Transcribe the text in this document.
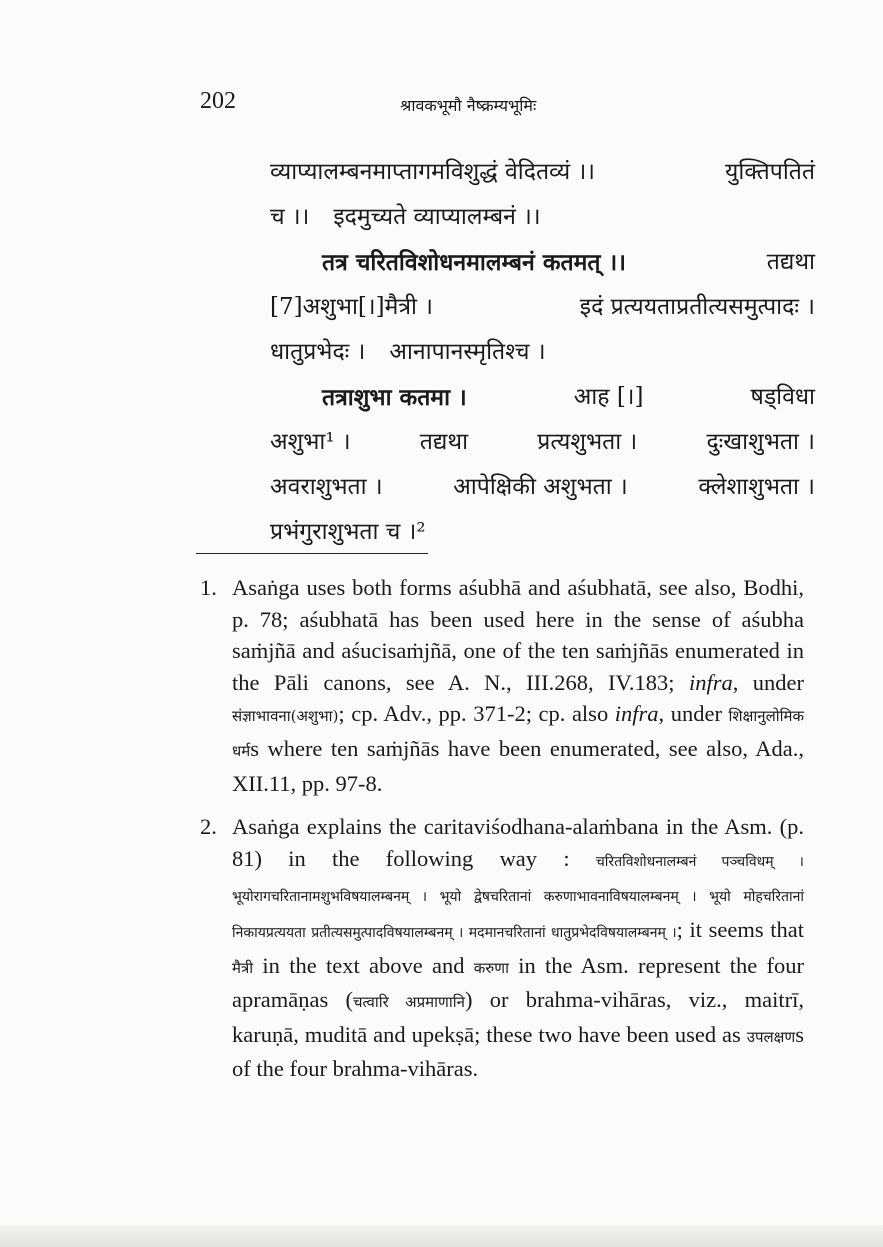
202	श्रावकभूमौ नैष्क्रम्यभूमिः
व्याप्यालम्बनमाप्तागमविशुद्धं वेदितव्यं ।।	युक्तिपतितं
च ।। इदमुच्यते व्याप्यालम्बनं ।।
तत्र चरितविशोधनमालम्बनं कतमत् ।।	तद्यथा
[7]अशुभा[।]मैत्री ।	इदं प्रत्ययताप्रतीत्यसमुत्पादः ।
धातुप्रभेदः । आनापानस्मृतिश्च ।
तत्राशुभा कतमा ।	आह [।]	षड्विधा
अशुभा¹ ।	तद्यथा	प्रत्यशुभता ।	दुःखाशुभता ।
अवराशुभता ।	आपेक्षिकी अशुभता ।	क्लेशाशुभता ।
प्रभंगुराशुभता च ।²
1. Asaṅga uses both forms aśubhā and aśubhatā, see also, Bodhi, p. 78; aśubhatā has been used here in the sense of aśubha saṁjñā and aśucisaṁjñā, one of the ten saṁjñās enumerated in the Pāli canons, see A. N., III.268, IV.183; infra, under संज्ञाभावना(अशुभा); cp. Adv., pp. 371-2; cp. also infra, under शिक्षानुलोमिक धर्मs where ten saṁjñās have been enumerated, see also, Ada., XII.11, pp. 97-8.
2. Asaṅga explains the caritaviśodhana-alaṁbana in the Asm. (p. 81) in the following way : चरितविशोधनालम्बनं पञ्चविधम् । भूयोरागचरितानामशुभविषयालम्बनम् । भूयो द्वेषचरितानां करुणाभावनाविषयालम्बनम् । भूयो मोहचरितानां निकायप्रत्ययता प्रतीत्यसमुत्पादविषयालम्बनम् । मदमानचरितानां धातुप्रभेदविषयालम्बनम् ।; it seems that मैत्री in the text above and करुणा in the Asm. represent the four apramāṇas (चत्वारि अप्रमाणानि) or brahma-vihāras, viz., maitrī, karuṇā, muditā and upekṣā; these two have been used as उपलक्षणs of the four brahma-vihāras.
